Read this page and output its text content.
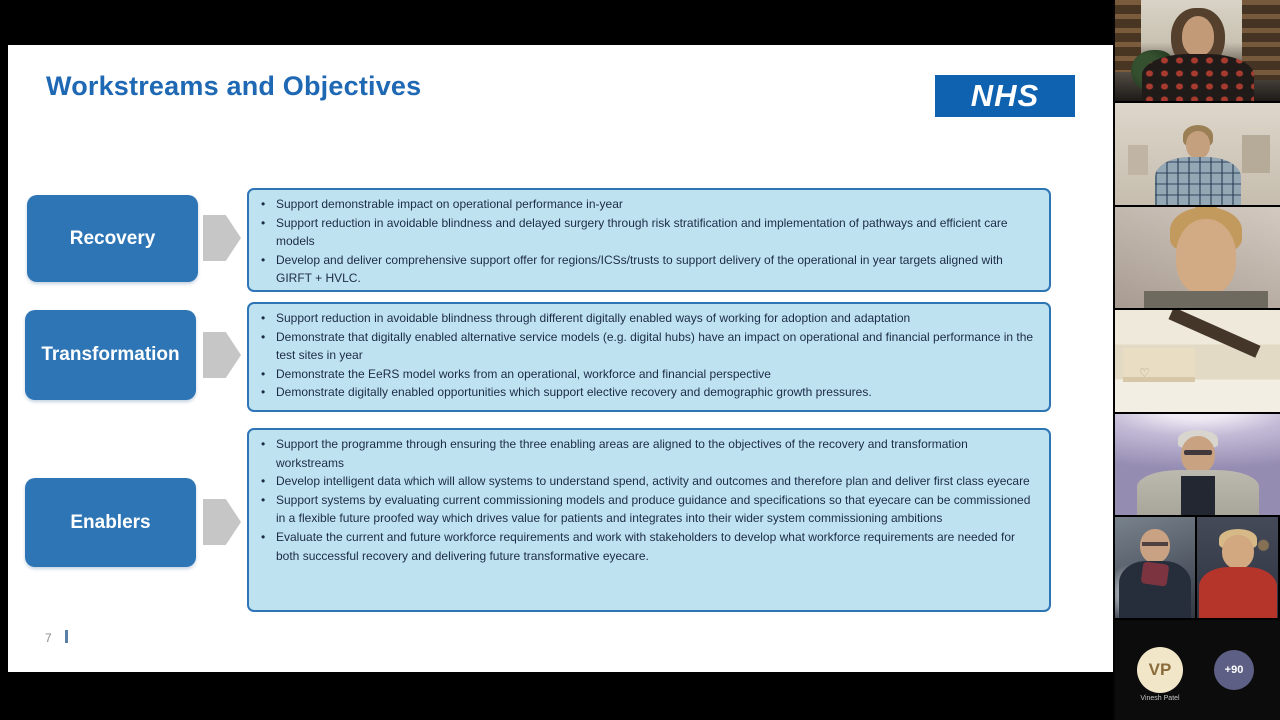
Workstreams and Objectives	NHS
Recovery
• Support demonstrable impact on operational performance in-year
• Support reduction in avoidable blindness and delayed surgery through risk stratification and implementation of pathways and efficient care models
• Develop and deliver comprehensive support offer for regions/ICSs/trusts to support delivery of the operational in year targets aligned with GIRFT + HVLC.
Transformation
• Support reduction in avoidable blindness through different digitally enabled ways of working for adoption and adaptation
• Demonstrate that digitally enabled alternative service models (e.g. digital hubs) have an impact on operational and financial performance in the test sites in year
• Demonstrate the EeRS model works from an operational, workforce and financial perspective
• Demonstrate digitally enabled opportunities which support elective recovery and demographic growth pressures.
Enablers
• Support the programme through ensuring the three enabling areas are aligned to the objectives of the recovery and transformation workstreams
• Develop intelligent data which will allow systems to understand spend, activity and outcomes and therefore plan and deliver first class eyecare
• Support systems by evaluating current commissioning models and produce guidance and specifications so that eyecare can be commissioned in a flexible future proofed way which drives value for patients and integrates into their wider system commissioning ambitions
• Evaluate the current and future workforce requirements and work with stakeholders to develop what workforce requirements are needed for both successful recovery and delivering future transformative eyecare.
7
♡
VP
Vinesh Patel
+90
